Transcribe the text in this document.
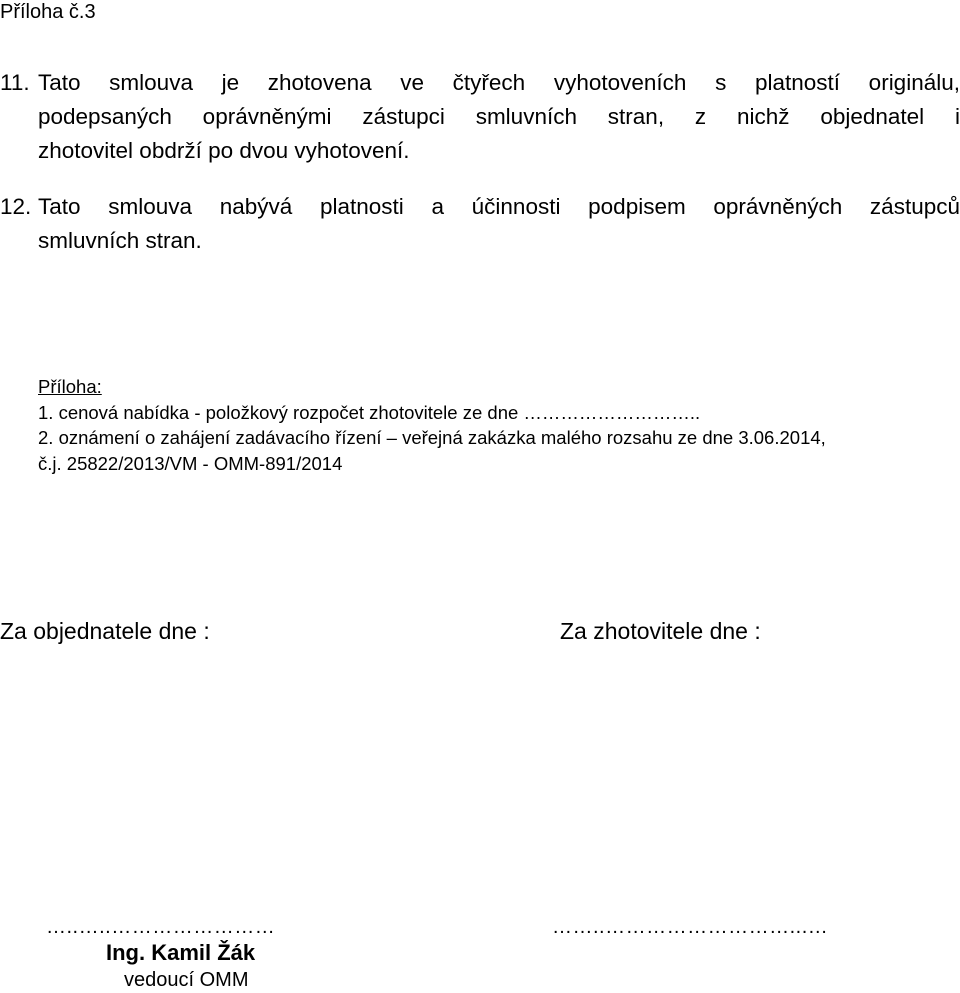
Příloha č.3
11. Tato smlouva je zhotovena ve čtyřech vyhotoveních s platností originálu,
podepsaných oprávněnými zástupci smluvních stran, z nichž objednatel i
zhotovitel obdrží po dvou vyhotovení.
12. Tato smlouva nabývá platnosti a účinnosti podpisem oprávněných zástupců
smluvních stran.
Příloha:
1. cenová nabídka - položkový rozpočet zhotovitele ze dne ………………………..
2. oznámení o zahájení zadávacího řízení – veřejná zakázka malého rozsahu ze dne 3.06.2014,
č.j. 25822/2013/VM - OMM-891/2014
Za objednatele dne :	Za zhotovitele dne :
…..…..……………………	……..………………………...…
Ing. Kamil Žák
vedoucí OMM
